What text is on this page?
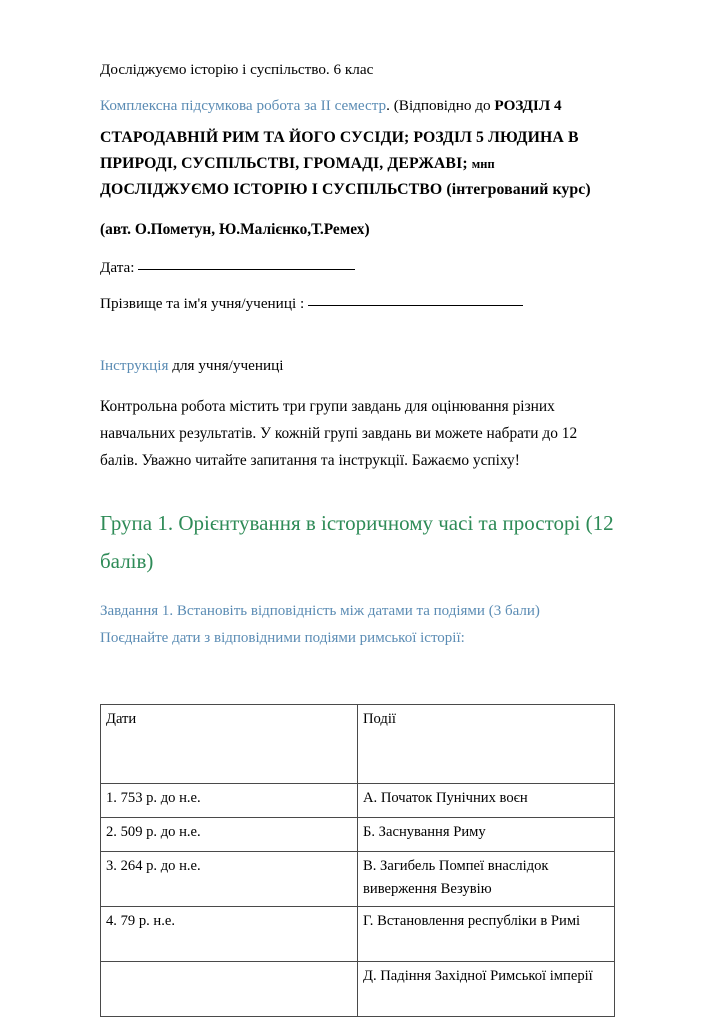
Досліджуємо історію і суспільство. 6 клас

Комплексна підсумкова робота за ІІ семестр. (Відповідно до РОЗДІЛ 4

СТАРОДАВНІЙ РИМ ТА ЙОГО СУСІДИ; РОЗДІЛ 5 ЛЮДИНА В ПРИРОДІ, СУСПІЛЬСТВІ, ГРОМАДІ, ДЕРЖАВІ; мнп ДОСЛІДЖУЄМО ІСТОРІЮ І СУСПІЛЬСТВО (інтегрований курс)

(авт. О.Пометун, Ю.Малієнко,Т.Ремех)

Дата:

Прізвище та ім'я учня/учениці :

Інструкція для учня/учениці

Контрольна робота містить три групи завдань для оцінювання різних навчальних результатів. У кожній групі завдань ви можете набрати до 12 балів. Уважно читайте запитання та інструкції. Бажаємо успіху!

Група 1. Орієнтування в історичному часі та просторі (12 балів)

Завдання 1. Встановіть відповідність між датами та подіями (3 бали)

Поєднайте дати з відповідними подіями римської історії:

Дати	Події
1. 753 р. до н.е.	А. Початок Пунічних воєн
2. 509 р. до н.е.	Б. Заснування Риму
3. 264 р. до н.е.	В. Загибель Помпеї внаслідок виверження Везувію
4. 79 р. н.е.	Г. Встановлення республіки в Римі
	Д. Падіння Західної Римської імперії
